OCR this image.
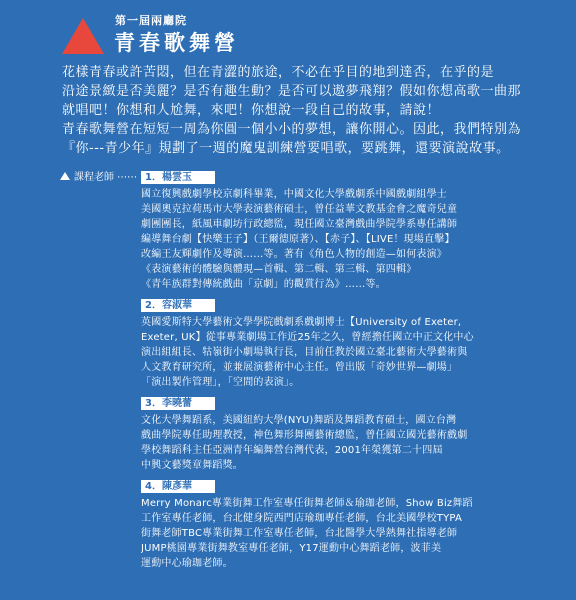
第一屆兩廳院
青春歌舞營
花樣青春或許苦悶，但在青澀的旅途，不必在乎目的地到達否，在乎的是
沿途景緻是否美麗？是否有趣生動？是否可以遨夢飛翔？假如你想高歌一曲那
就唱吧！你想和人尬舞，來吧！你想說一段自己的故事，請說！
青春歌舞營在短短一周為你圓一個小小的夢想，讓你開心。因此，我們特別為
『你---青少年』規劃了一週的魔鬼訓練營要唱歌，要跳舞，還要演說故事。
課程老師 ⋯⋯ 1．楊雲玉
國立復興戲劇學校京劇科畢業，中國文化大學戲劇系中國戲劇組學士
美國奧克拉荷馬市大學表演藝術碩士，曾任益華文教基金會之魔奇兒童
劇團團長，紙風車劇坊行政總監，現任國立臺灣戲曲學院學系專任講師
編導舞台劇【快樂王子】（王爾德原著）、【赤子】、【LIVE！現場直擊】
改編王友輝劇作及導演……等。著有《角色人物的創造—如何表演》
《表演藝術的體驗與體現—首輯、第二輯、第三輯、第四輯》
《青年族群對傳統戲曲「京劇」的觀賞行為》……等。
2．容淑華
英國愛斯特大學藝術文學學院戲劇系戲劇博士【University of Exeter,
Exeter, UK】從事專業劇場工作近25年之久，曾經擔任國立中正文化中心
演出組組長、牯嶺街小劇場執行長，目前任教於國立臺北藝術大學藝術與
人文教育研究所，並兼展演藝術中心主任。曾出版「奇妙世界—劇場」
「演出製作管理」，「空間的表演」。
3．李曉蕾
文化大學舞蹈系，美國紐約大學(NYU)舞蹈及舞蹈教育碩士，國立台灣
戲曲學院專任助理教授，神色舞形舞團藝術總監，曾任國立國光藝術戲劇
學校舞蹈科主任亞洲青年編舞營台灣代表，2001年榮獲第二十四屆
中興文藝獎章舞蹈獎。
4．陳彥華
Merry Monarc專業街舞工作室專任街舞老師＆瑜珈老師，Show Biz舞蹈
工作室專任老師，台北健身院西門店瑜珈專任老師，台北美國學校TYPA
街舞老師TBC專業街舞工作室專任老師，台北醫學大學熱舞社指導老師
JUMP桃園專業街舞教室專任老師，Y17運動中心舞蹈老師，波菲美
運動中心瑜珈老師。
